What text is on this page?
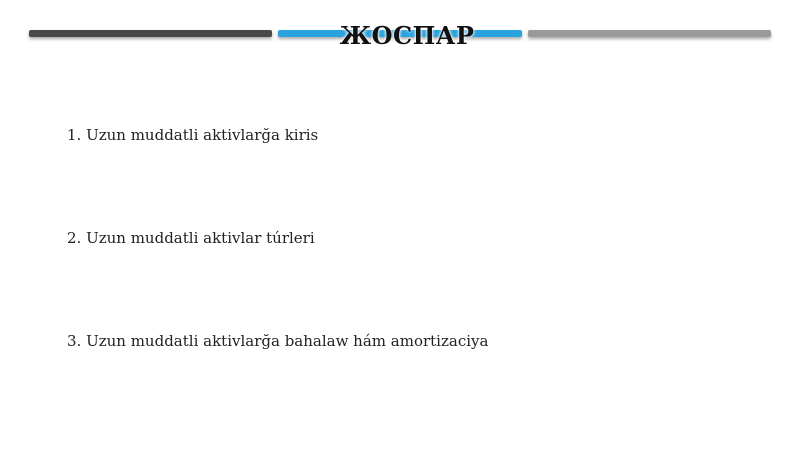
ЖОСПАР
1. Uzun muddatli aktivlarğa kiris
2. Uzun muddatli aktivlar túrleri
3. Uzun muddatli aktivlarğa bahalaw hám amortizaciya
